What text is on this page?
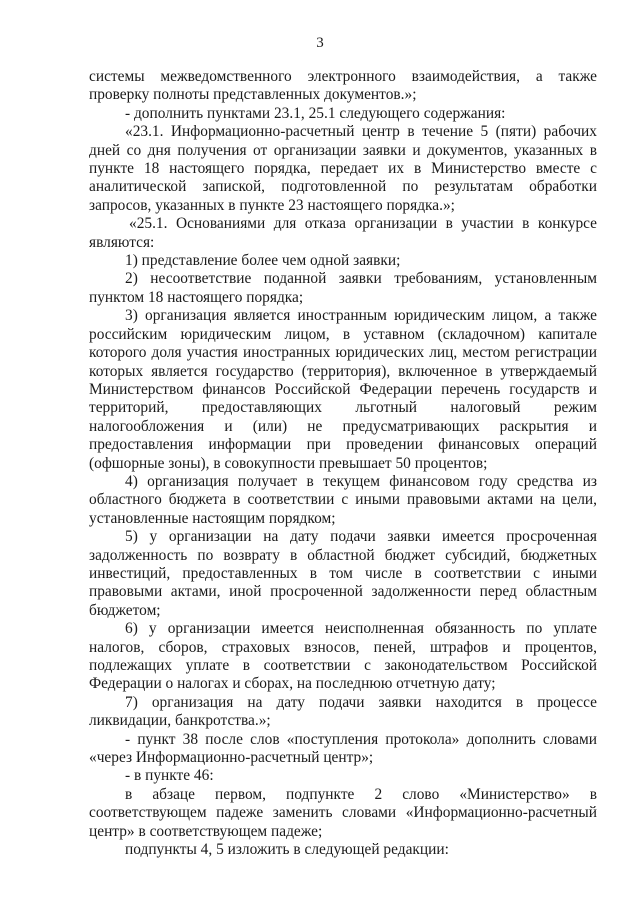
3

системы межведомственного электронного взаимодействия, а также проверку полноты представленных документов.»;

- дополнить пунктами 23.1, 25.1 следующего содержания:

«23.1. Информационно-расчетный центр в течение 5 (пяти) рабочих дней со дня получения от организации заявки и документов, указанных в пункте 18 настоящего порядка, передает их в Министерство вместе с аналитической запиской, подготовленной по результатам обработки запросов, указанных в пункте 23 настоящего порядка.»;

«25.1. Основаниями для отказа организации в участии в конкурсе являются:

1) представление более чем одной заявки;

2) несоответствие поданной заявки требованиям, установленным пунктом 18 настоящего порядка;

3) организация является иностранным юридическим лицом, а также российским юридическим лицом, в уставном (складочном) капитале которого доля участия иностранных юридических лиц, местом регистрации которых является государство (территория), включенное в утверждаемый Министерством финансов Российской Федерации перечень государств и территорий, предоставляющих льготный налоговый режим налогообложения и (или) не предусматривающих раскрытия и предоставления информации при проведении финансовых операций (офшорные зоны), в совокупности превышает 50 процентов;

4) организация получает в текущем финансовом году средства из областного бюджета в соответствии с иными правовыми актами на цели, установленные настоящим порядком;

5) у организации на дату подачи заявки имеется просроченная задолженность по возврату в областной бюджет субсидий, бюджетных инвестиций, предоставленных в том числе в соответствии с иными правовыми актами, иной просроченной задолженности перед областным бюджетом;

6) у организации имеется неисполненная обязанность по уплате налогов, сборов, страховых взносов, пеней, штрафов и процентов, подлежащих уплате в соответствии с законодательством Российской Федерации о налогах и сборах, на последнюю отчетную дату;

7) организация на дату подачи заявки находится в процессе ликвидации, банкротства.»;

- пункт 38 после слов «поступления протокола» дополнить словами «через Информационно-расчетный центр»;

- в пункте 46:

в абзаце первом, подпункте 2 слово «Министерство» в соответствующем падеже заменить словами «Информационно-расчетный центр» в соответствующем падеже;

подпункты 4, 5 изложить в следующей редакции:
